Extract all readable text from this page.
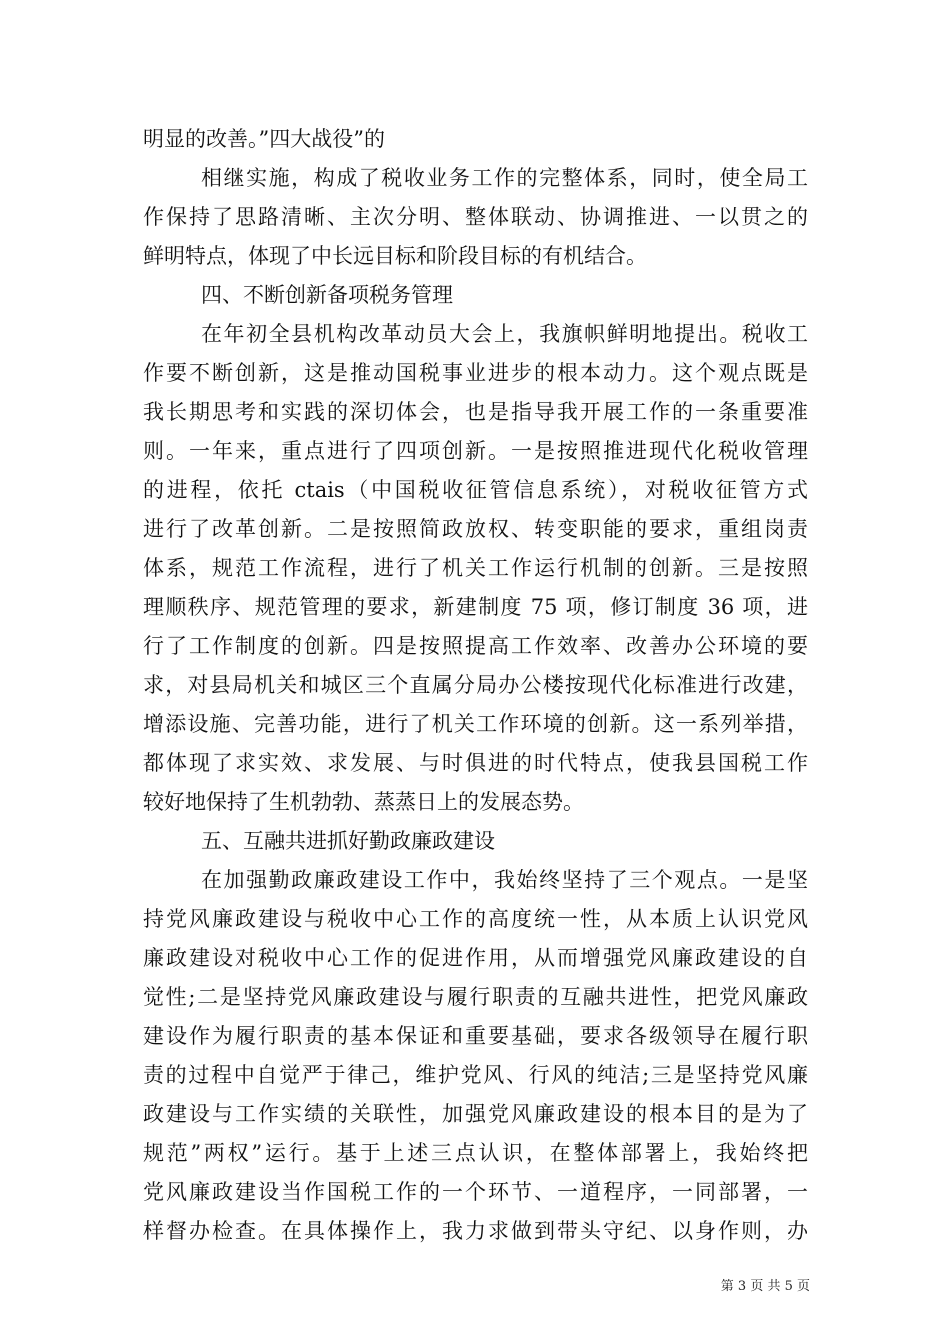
明显的改善。”四大战役”的
相继实施，构成了税收业务工作的完整体系，同时，使全局工
作保持了思路清晰、主次分明、整体联动、协调推进、一以贯之的
鲜明特点，体现了中长远目标和阶段目标的有机结合。
四、不断创新备项税务管理
在年初全县机构改革动员大会上，我旗帜鲜明地提出。税收工
作要不断创新，这是推动国税事业进步的根本动力。这个观点既是
我长期思考和实践的深切体会，也是指导我开展工作的一条重要准
则。一年来，重点进行了四项创新。一是按照推进现代化税收管理
的进程，依托 ctais（中国税收征管信息系统），对税收征管方式
进行了改革创新。二是按照简政放权、转变职能的要求，重组岗责
体系，规范工作流程，进行了机关工作运行机制的创新。三是按照
理顺秩序、规范管理的要求，新建制度 75 项，修订制度 36 项，进
行了工作制度的创新。四是按照提高工作效率、改善办公环境的要
求，对县局机关和城区三个直属分局办公楼按现代化标准进行改建，
增添设施、完善功能，进行了机关工作环境的创新。这一系列举措，
都体现了求实效、求发展、与时俱进的时代特点，使我县国税工作
较好地保持了生机勃勃、蒸蒸日上的发展态势。
五、互融共进抓好勤政廉政建设
在加强勤政廉政建设工作中，我始终坚持了三个观点。一是坚
持党风廉政建设与税收中心工作的高度统一性，从本质上认识党风
廉政建设对税收中心工作的促进作用，从而增强党风廉政建设的自
觉性;二是坚持党风廉政建设与履行职责的互融共进性，把党风廉政
建设作为履行职责的基本保证和重要基础，要求各级领导在履行职
责的过程中自觉严于律己，维护党风、行风的纯洁;三是坚持党风廉
政建设与工作实绩的关联性，加强党风廉政建设的根本目的是为了
规范”两权”运行。基于上述三点认识，在整体部署上，我始终把
党风廉政建设当作国税工作的一个环节、一道程序，一同部署，一
样督办检查。在具体操作上，我力求做到带头守纪、以身作则，办
第 3 页 共 5 页
